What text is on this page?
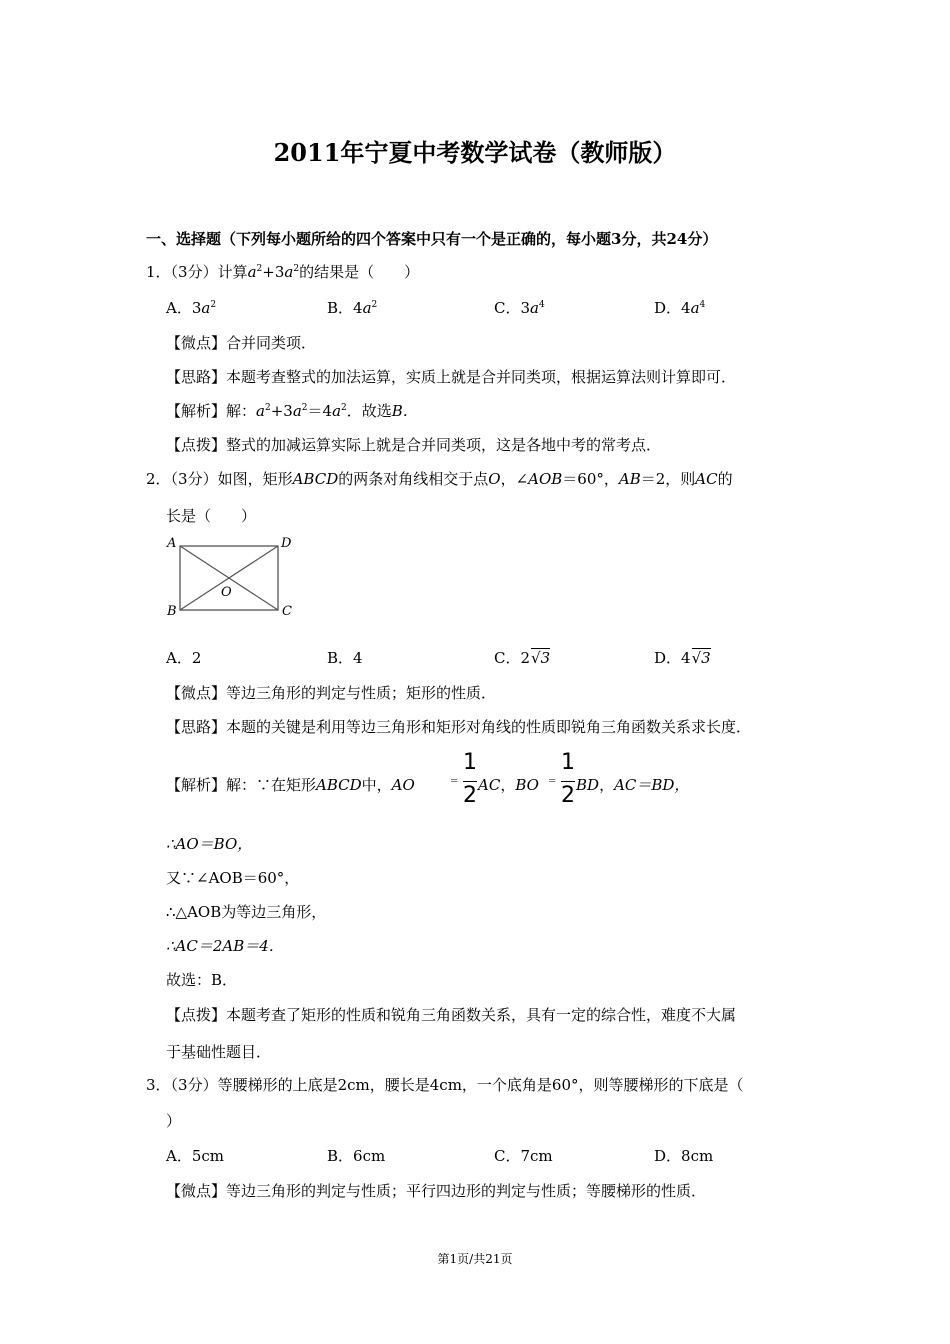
2011年宁夏中考数学试卷（教师版）
一、选择题（下列每小题所给的四个答案中只有一个是正确的，每小题3分，共24分）
1．（3分）计算$a^2+3a^2$的结果是（　　）
A．$3a^2$	B．$4a^2$	C．$3a^4$	D．$4a^4$
【微点】合并同类项．
【思路】本题考查整式的加法运算，实质上就是合并同类项，根据运算法则计算即可．
【解析】解：$a^2+3a^2=4a^2$．故选B．
【点拨】整式的加减运算实际上就是合并同类项，这是各地中考的常考点．
2．（3分）如图，矩形ABCD的两条对角线相交于点O，∠AOB＝60°，AB＝2，则AC的
长是（　　）
A	D
B	C
O
A．2	B．4	C．2√3	D．4√3
【微点】等边三角形的判定与性质；矩形的性质．
【思路】本题的关键是利用等边三角形和矩形对角线的性质即锐角三角函数关系求长度．
【解析】解：∵在矩形ABCD中，AO	=
1
2 AC，BO =
1
2 BD，AC＝BD，
∴AO＝BO，
又∵∠AOB＝60°，
∴△AOB为等边三角形，
∴AC＝2AB＝4．
故选：B．
【点拨】本题考查了矩形的性质和锐角三角函数关系，具有一定的综合性，难度不大属
于基础性题目．
3．（3分）等腰梯形的上底是2cm，腰长是4cm，一个底角是60°，则等腰梯形的下底是（
）
A．5cm	B．6cm	C．7cm	D．8cm
【微点】等边三角形的判定与性质；平行四边形的判定与性质；等腰梯形的性质．
第1页/共21页
